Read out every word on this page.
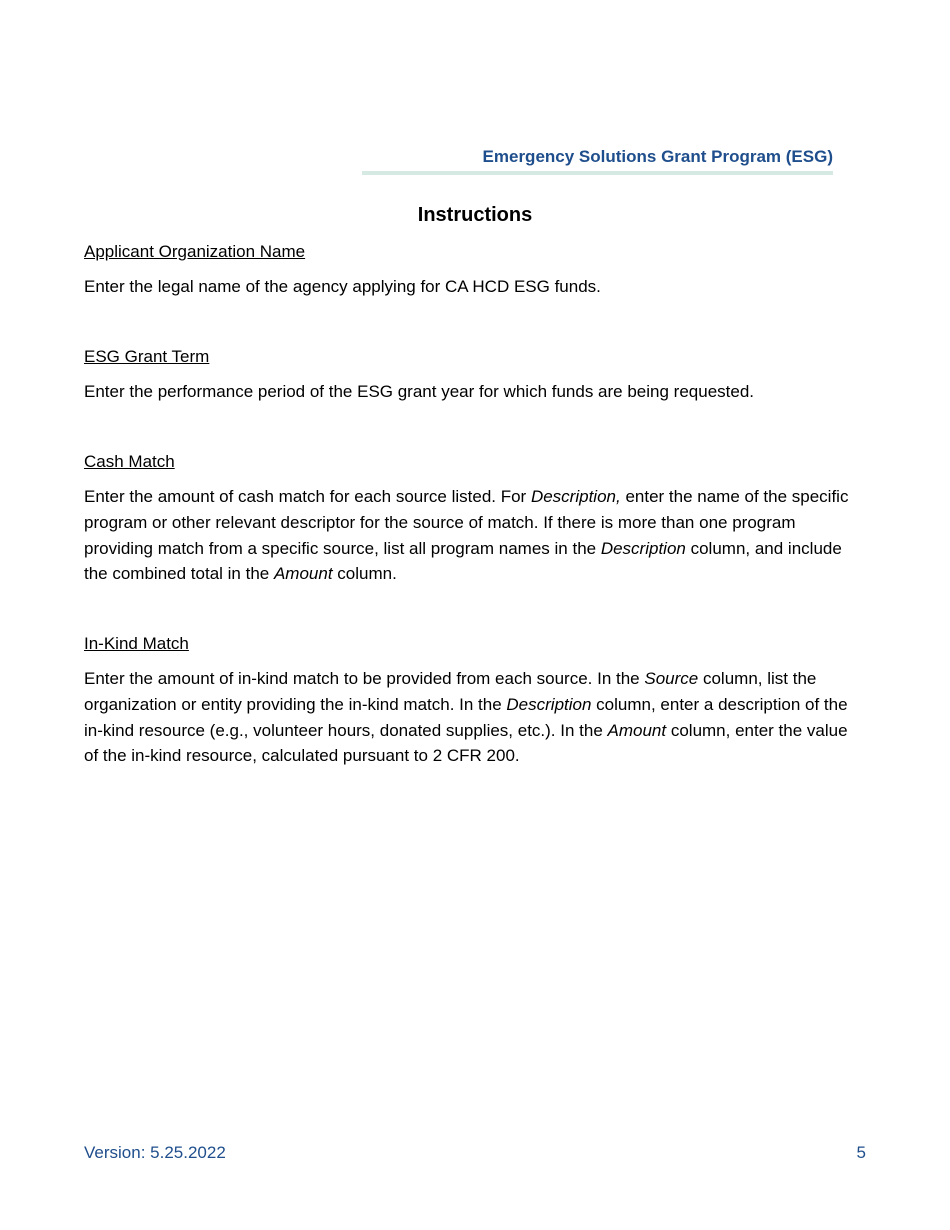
Emergency Solutions Grant Program (ESG)
Instructions
Applicant Organization Name

Enter the legal name of the agency applying for CA HCD ESG funds.

ESG Grant Term

Enter the performance period of the ESG grant year for which funds are being requested.

Cash Match

Enter the amount of cash match for each source listed. For Description, enter the name of the specific program or other relevant descriptor for the source of match. If there is more than one program providing match from a specific source, list all program names in the Description column, and include the combined total in the Amount column.

In-Kind Match

Enter the amount of in-kind match to be provided from each source. In the Source column, list the organization or entity providing the in-kind match. In the Description column, enter a description of the in-kind resource (e.g., volunteer hours, donated supplies, etc.). In the Amount column, enter the value of the in-kind resource, calculated pursuant to 2 CFR 200.

Version: 5.25.2022	5
